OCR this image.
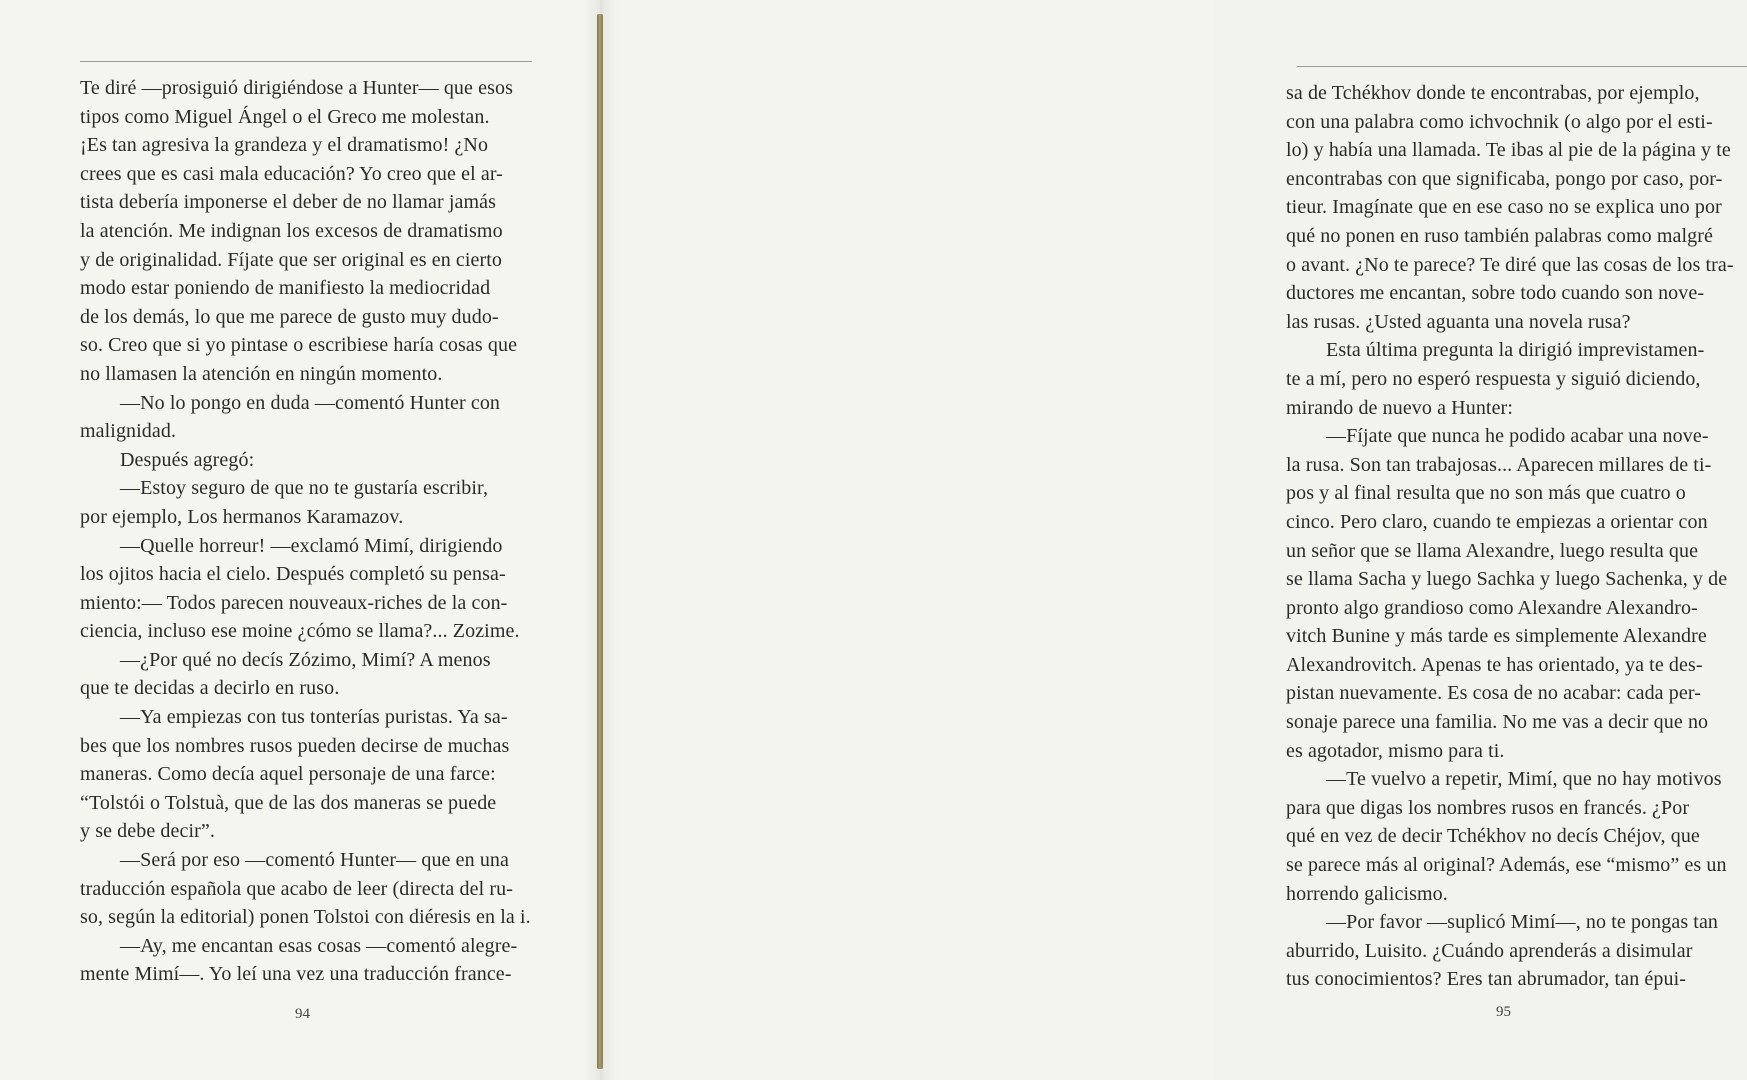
Te diré —prosiguió dirigiéndose a Hunter— que esos
tipos como Miguel Ángel o el Greco me molestan.
¡Es tan agresiva la grandeza y el dramatismo! ¿No
crees que es casi mala educación? Yo creo que el ar-
tista debería imponerse el deber de no llamar jamás
la atención. Me indignan los excesos de dramatismo
y de originalidad. Fíjate que ser original es en cierto
modo estar poniendo de manifiesto la mediocridad
de los demás, lo que me parece de gusto muy dudo-
so. Creo que si yo pintase o escribiese haría cosas que
no llamasen la atención en ningún momento.
—No lo pongo en duda —comentó Hunter con
malignidad.
Después agregó:
—Estoy seguro de que no te gustaría escribir,
por ejemplo, Los hermanos Karamazov.
—Quelle horreur! —exclamó Mimí, dirigiendo
los ojitos hacia el cielo. Después completó su pensa-
miento:— Todos parecen nouveaux-riches de la con-
ciencia, incluso ese moine ¿cómo se llama?... Zozime.
—¿Por qué no decís Zózimo, Mimí? A menos
que te decidas a decirlo en ruso.
—Ya empiezas con tus tonterías puristas. Ya sa-
bes que los nombres rusos pueden decirse de muchas
maneras. Como decía aquel personaje de una farce:
“Tolstói o Tolstuà, que de las dos maneras se puede
y se debe decir”.
—Será por eso —comentó Hunter— que en una
traducción española que acabo de leer (directa del ru-
so, según la editorial) ponen Tolstoi con diéresis en la i.
—Ay, me encantan esas cosas —comentó alegre-
mente Mimí—. Yo leí una vez una traducción france-
94
sa de Tchékhov donde te encontrabas, por ejemplo,
con una palabra como ichvochnik (o algo por el esti-
lo) y había una llamada. Te ibas al pie de la página y te
encontrabas con que significaba, pongo por caso, por-
tieur. Imagínate que en ese caso no se explica uno por
qué no ponen en ruso también palabras como malgré
o avant. ¿No te parece? Te diré que las cosas de los tra-
ductores me encantan, sobre todo cuando son nove-
las rusas. ¿Usted aguanta una novela rusa?
Esta última pregunta la dirigió imprevistamen-
te a mí, pero no esperó respuesta y siguió diciendo,
mirando de nuevo a Hunter:
—Fíjate que nunca he podido acabar una nove-
la rusa. Son tan trabajosas... Aparecen millares de ti-
pos y al final resulta que no son más que cuatro o
cinco. Pero claro, cuando te empiezas a orientar con
un señor que se llama Alexandre, luego resulta que
se llama Sacha y luego Sachka y luego Sachenka, y de
pronto algo grandioso como Alexandre Alexandro-
vitch Bunine y más tarde es simplemente Alexandre
Alexandrovitch. Apenas te has orientado, ya te des-
pistan nuevamente. Es cosa de no acabar: cada per-
sonaje parece una familia. No me vas a decir que no
es agotador, mismo para ti.
—Te vuelvo a repetir, Mimí, que no hay motivos
para que digas los nombres rusos en francés. ¿Por
qué en vez de decir Tchékhov no decís Chéjov, que
se parece más al original? Además, ese “mismo” es un
horrendo galicismo.
—Por favor —suplicó Mimí—, no te pongas tan
aburrido, Luisito. ¿Cuándo aprenderás a disimular
tus conocimientos? Eres tan abrumador, tan épui-
95
